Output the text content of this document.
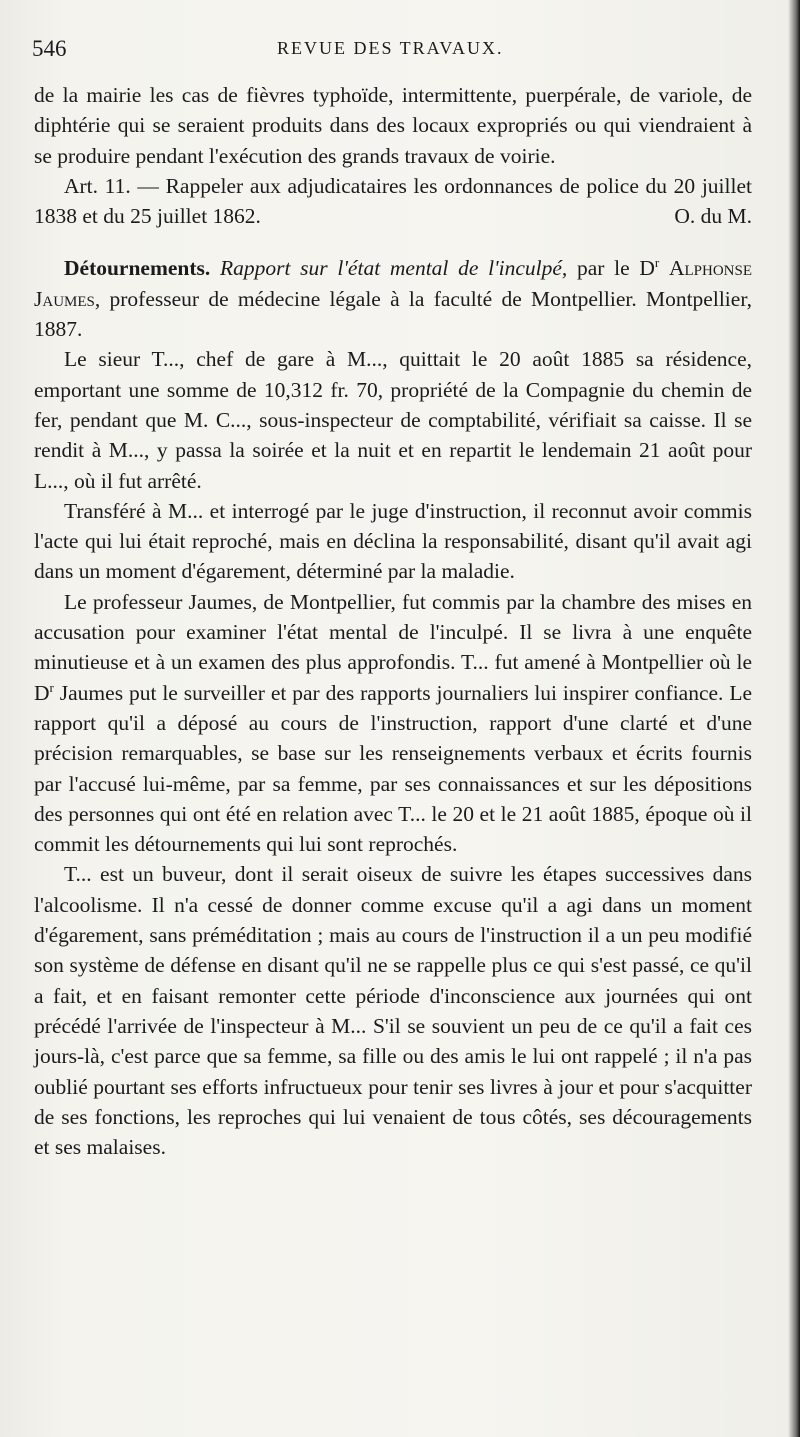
546	REVUE DES TRAVAUX.

de la mairie les cas de fièvres typhoïde, intermittente, puerpérale, de variole, de diphtérie qui se seraient produits dans des locaux expropriés ou qui viendraient à se produire pendant l'exécution des grands travaux de voirie.

Art. 11. — Rappeler aux adjudicataires les ordonnances de police du 20 juillet 1838 et du 25 juillet 1862.	O. du M.

Détournements. Rapport sur l'état mental de l'inculpé, par le $D^r$ Alphonse Jaumes, professeur de médecine légale à la faculté de Montpellier. Montpellier, 1887.

Le sieur T..., chef de gare à M..., quittait le 20 août 1885 sa résidence, emportant une somme de 10,312 fr. 70, propriété de la Compagnie du chemin de fer, pendant que M. C..., sous-inspecteur de comptabilité, vérifiait sa caisse. Il se rendit à M..., y passa la soirée et la nuit et en repartit le lendemain 21 août pour L..., où il fut arrêté.

Transféré à M... et interrogé par le juge d'instruction, il reconnut avoir commis l'acte qui lui était reproché, mais en déclina la responsabilité, disant qu'il avait agi dans un moment d'égarement, déterminé par la maladie.

Le professeur Jaumes, de Montpellier, fut commis par la chambre des mises en accusation pour examiner l'état mental de l'inculpé. Il se livra à une enquête minutieuse et à un examen des plus approfondis. T... fut amené à Montpellier où le $D^r$ Jaumes put le surveiller et par des rapports journaliers lui inspirer confiance. Le rapport qu'il a déposé au cours de l'instruction, rapport d'une clarté et d'une précision remarquables, se base sur les renseignements verbaux et écrits fournis par l'accusé lui-même, par sa femme, par ses connaissances et sur les dépositions des personnes qui ont été en relation avec T... le 20 et le 21 août 1885, époque où il commit les détournements qui lui sont reprochés.

T... est un buveur, dont il serait oiseux de suivre les étapes successives dans l'alcoolisme. Il n'a cessé de donner comme excuse qu'il a agi dans un moment d'égarement, sans préméditation ; mais au cours de l'instruction il a un peu modifié son système de défense en disant qu'il ne se rappelle plus ce qui s'est passé, ce qu'il a fait, et en faisant remonter cette période d'inconscience aux journées qui ont précédé l'arrivée de l'inspecteur à M... S'il se souvient un peu de ce qu'il a fait ces jours-là, c'est parce que sa femme, sa fille ou des amis le lui ont rappelé ; il n'a pas oublié pourtant ses efforts infructueux pour tenir ses livres à jour et pour s'acquitter de ses fonctions, les reproches qui lui venaient de tous côtés, ses découragements et ses malaises.
